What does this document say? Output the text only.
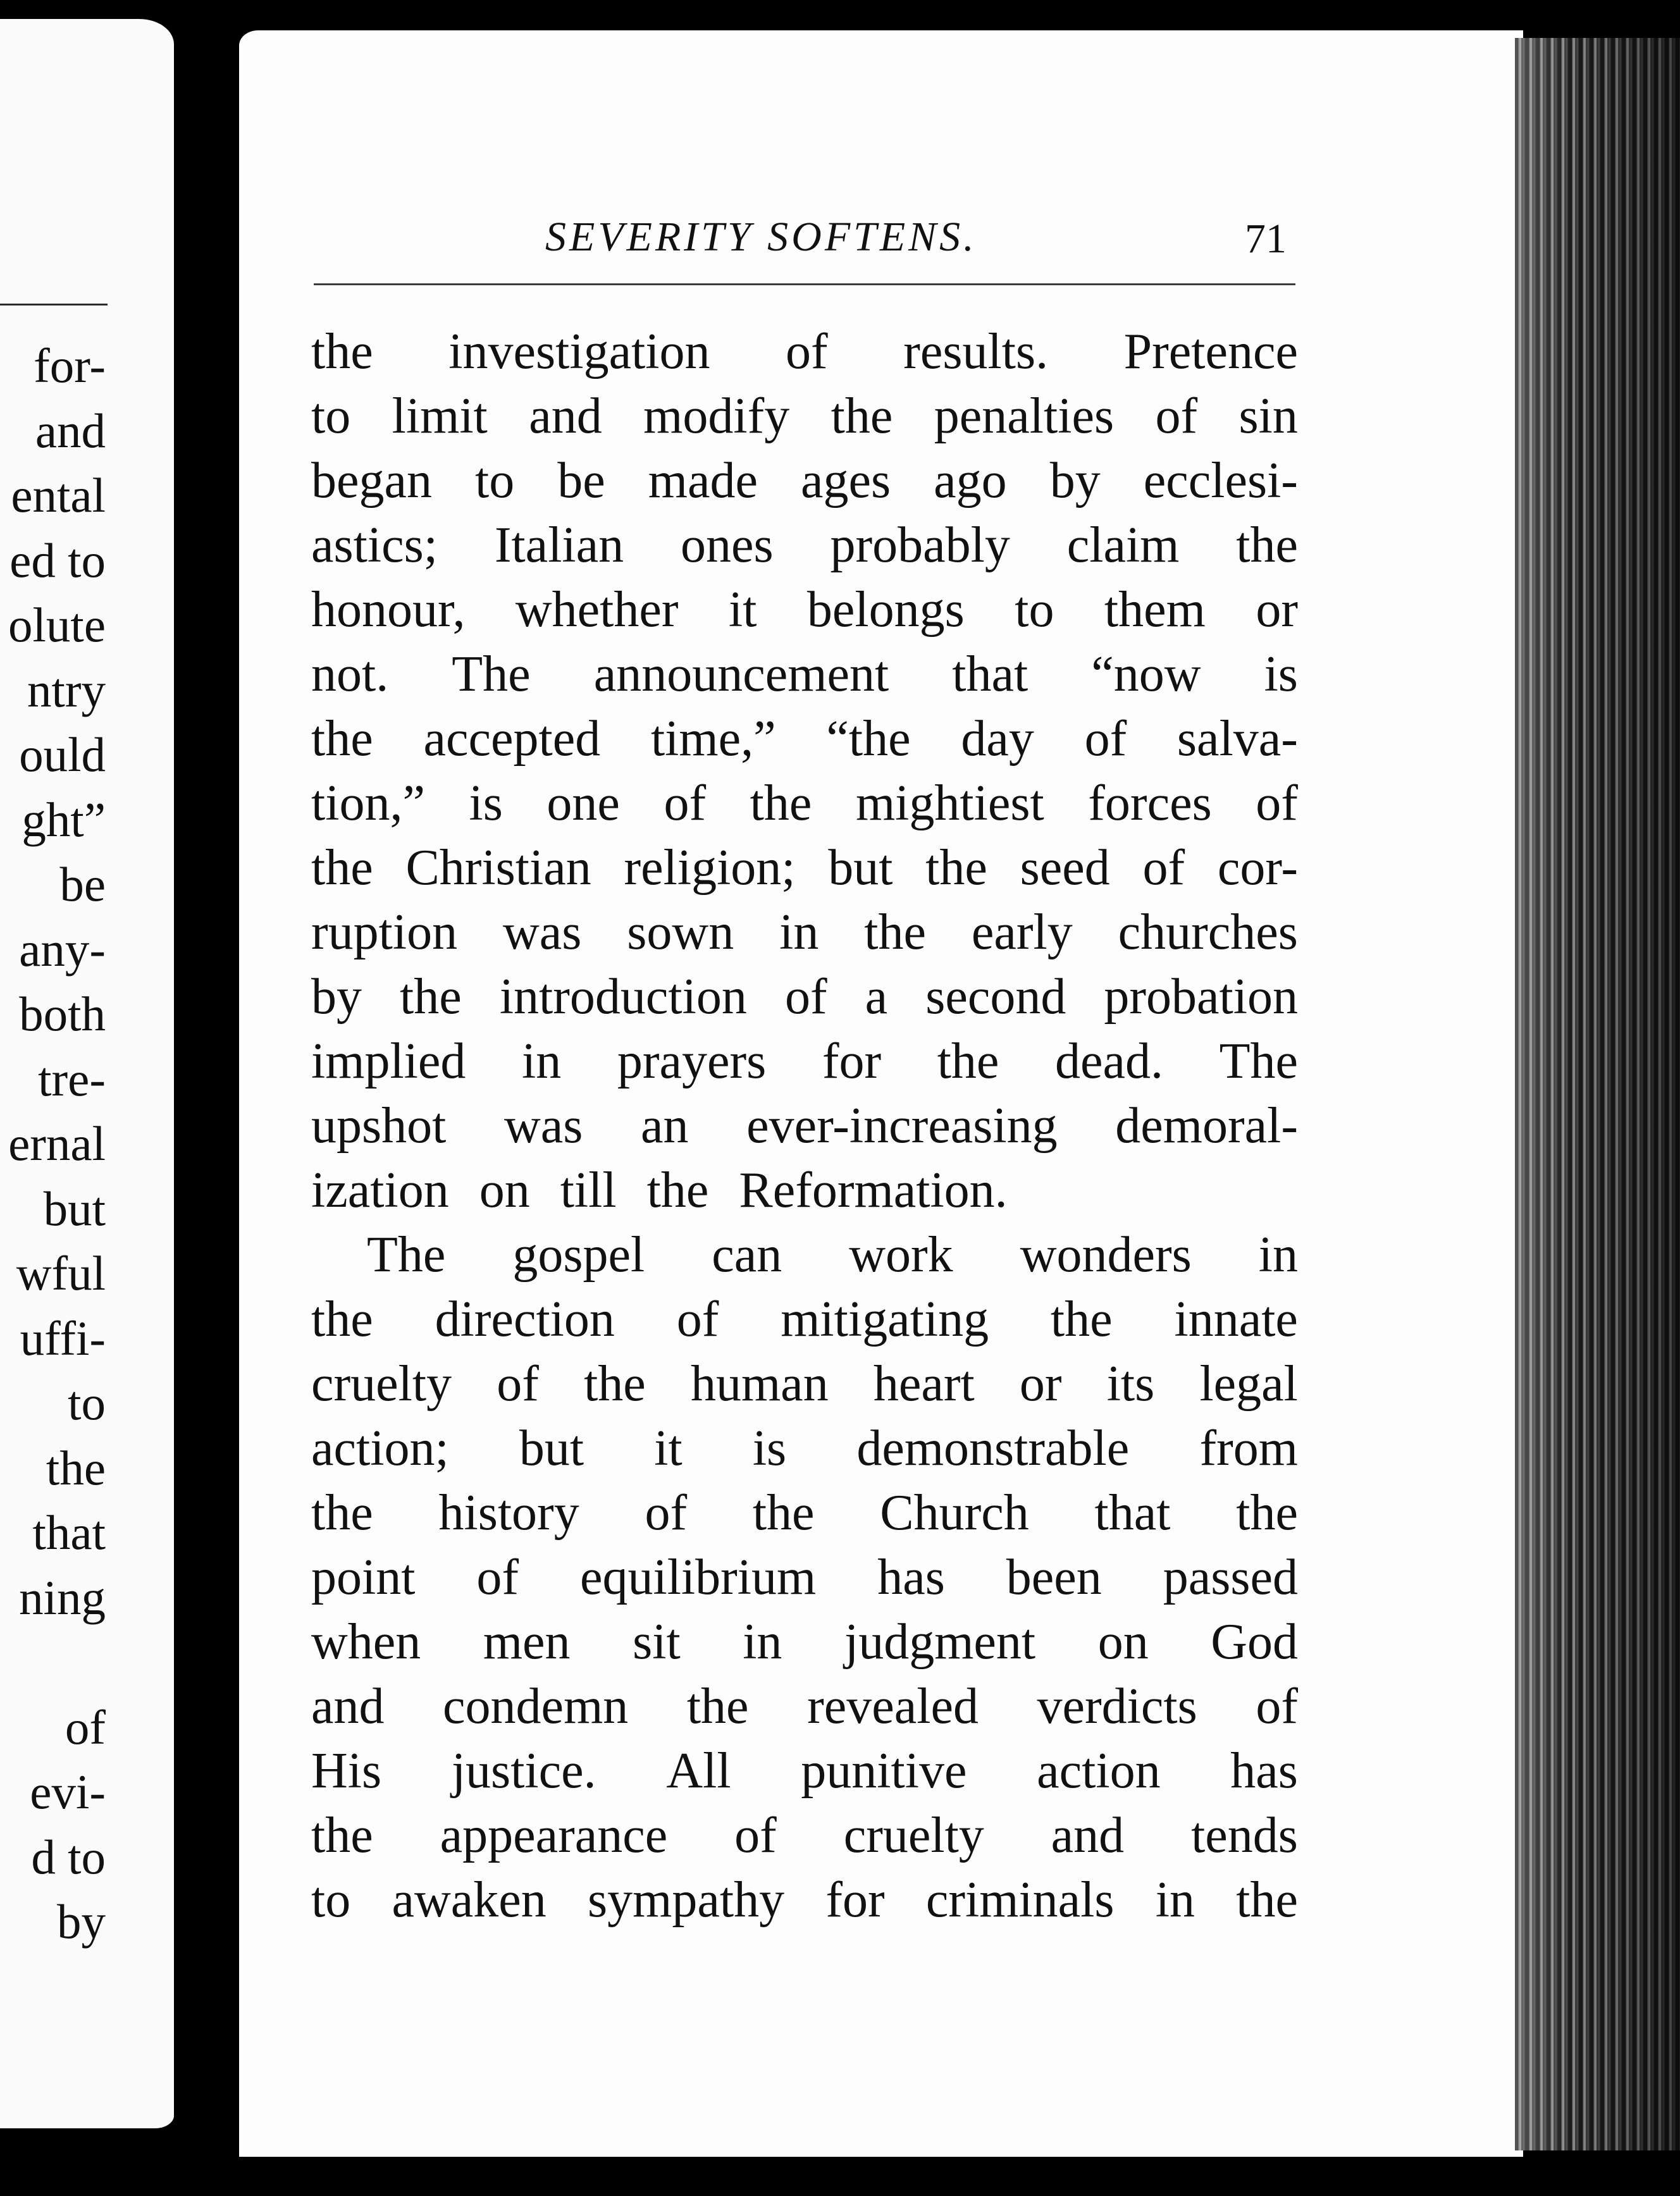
for-
and
ental
ed to
olute
ntry
ould
ght”
be
any-
both
tre-
ernal
but
wful
uffi-
to
the
that
ning
of
evi-
d to
by
SEVERITY SOFTENS.	71
the investigation of results. Pretence
to limit and modify the penalties of sin
began to be made ages ago by ecclesi-
astics; Italian ones probably claim the
honour, whether it belongs to them or
not. The announcement that “now is
the accepted time,” “the day of salva-
tion,” is one of the mightiest forces of
the Christian religion; but the seed of cor-
ruption was sown in the early churches
by the introduction of a second probation
implied in prayers for the dead. The
upshot was an ever-increasing demoral-
ization on till the Reformation.
The gospel can work wonders in
the direction of mitigating the innate
cruelty of the human heart or its legal
action; but it is demonstrable from
the history of the Church that the
point of equilibrium has been passed
when men sit in judgment on God
and condemn the revealed verdicts of
His justice. All punitive action has
the appearance of cruelty and tends
to awaken sympathy for criminals in the
